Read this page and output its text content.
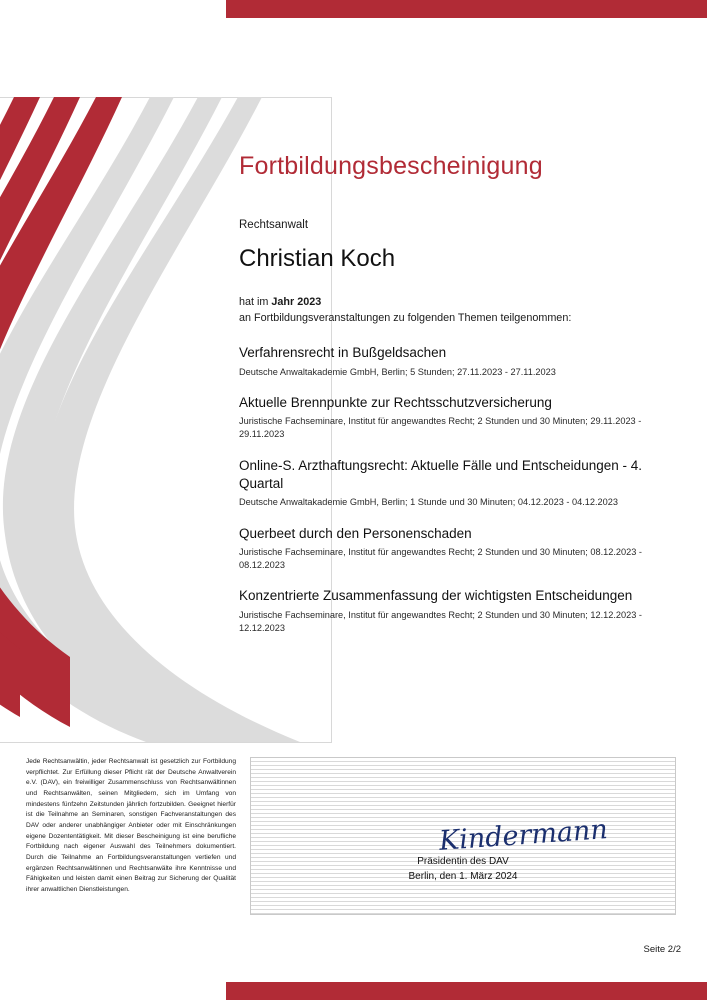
Fortbildungsbescheinigung

Rechtsanwalt

Christian Koch

hat im Jahr 2023
an Fortbildungsveranstaltungen zu folgenden Themen teilgenommen:

Verfahrensrecht in Bußgeldsachen

Deutsche Anwaltakademie GmbH, Berlin; 5 Stunden; 27.11.2023 - 27.11.2023

Aktuelle Brennpunkte zur Rechtsschutzversicherung

Juristische Fachseminare, Institut für angewandtes Recht; 2 Stunden und 30 Minuten; 29.11.2023 - 29.11.2023

Online-S. Arzthaftungsrecht: Aktuelle Fälle und Entscheidungen - 4. Quartal

Deutsche Anwaltakademie GmbH, Berlin; 1 Stunde und 30 Minuten; 04.12.2023 - 04.12.2023

Querbeet durch den Personenschaden

Juristische Fachseminare, Institut für angewandtes Recht; 2 Stunden und 30 Minuten; 08.12.2023 - 08.12.2023

Konzentrierte Zusammenfassung der wichtigsten Entscheidungen

Juristische Fachseminare, Institut für angewandtes Recht; 2 Stunden und 30 Minuten; 12.12.2023 - 12.12.2023

Jede Rechtsanwältin, jeder Rechtsanwalt ist gesetzlich zur Fortbildung verpflichtet. Zur Erfüllung dieser Pflicht rät der Deutsche Anwaltverein e.V. (DAV), ein freiwilliger Zusammenschluss von Rechtsanwältinnen und Rechtsanwälten, seinen Mitgliedern, sich im Umfang von mindestens fünfzehn Zeitstunden jährlich fortzubilden. Geeignet hierfür ist die Teilnahme an Seminaren, sonstigen Fachveranstaltungen des DAV oder anderer unabhängiger Anbieter oder mit Einschränkungen eigene Dozententätigkeit. Mit dieser Bescheinigung ist eine berufliche Fortbildung nach eigener Auswahl des Teilnehmers dokumentiert. Durch die Teilnahme an Fortbildungsveranstaltungen vertiefen und ergänzen Rechtsanwältinnen und Rechtsanwälte ihre Kenntnisse und Fähigkeiten und leisten damit einen Beitrag zur Sicherung der Qualität ihrer anwaltlichen Dienstleistungen.
Kindermann
Präsidentin des DAV
Berlin, den 1. März 2024
Seite 2/2
